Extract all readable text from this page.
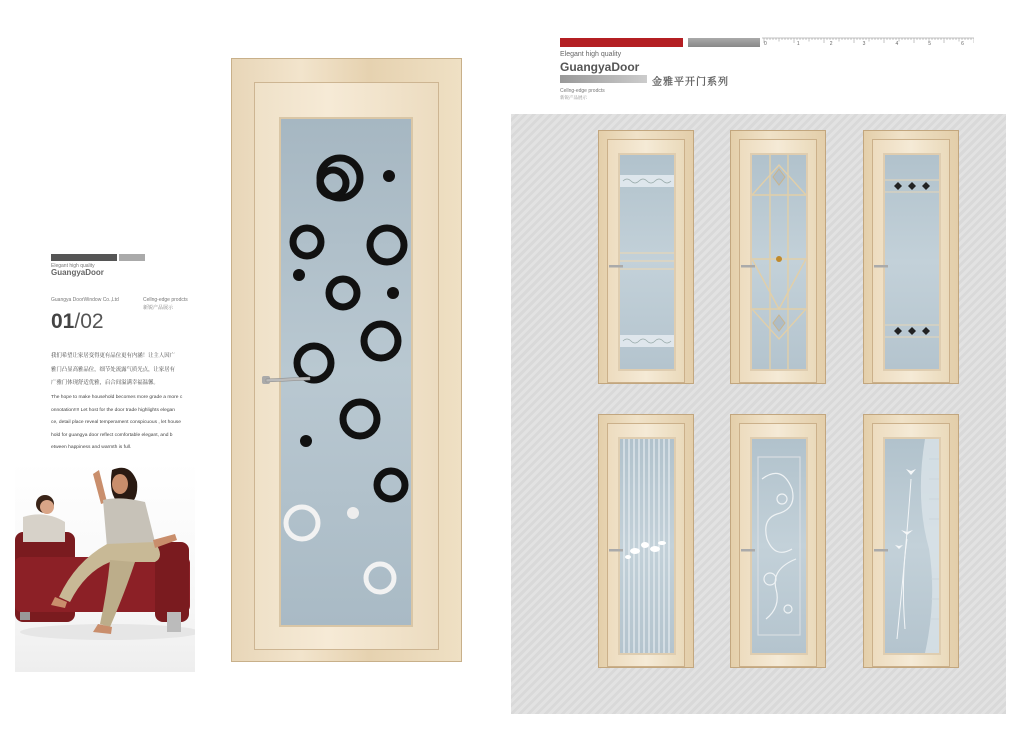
Elegant high quality
GuangyaDoor
Guangya DoorWindow Co.,Ltd	Cellng-edge prodcts
新锐产品展示
01/02
我们希望让家居变得更有品位更有内涵！让主人因广
雅门凸显高雅品位，细节处流露气质光点，让家居有
广雅门体现舒适优雅，启合间溢满幸福温馨。
The hope to make household becomes more grade a more c
onnotation!!!! Let host for the door trade highlights elegan
ce, detail place reveal temperament conspicuous , let house
hold for guangya door reflect comfortable elegant, and b
etween happiness and warmth is full.
0	1	2	3	4	5	6
Elegant high quality
GuangyaDoor
金雅平开门系列
Cellng-edge prodcts
新锐产品展示
